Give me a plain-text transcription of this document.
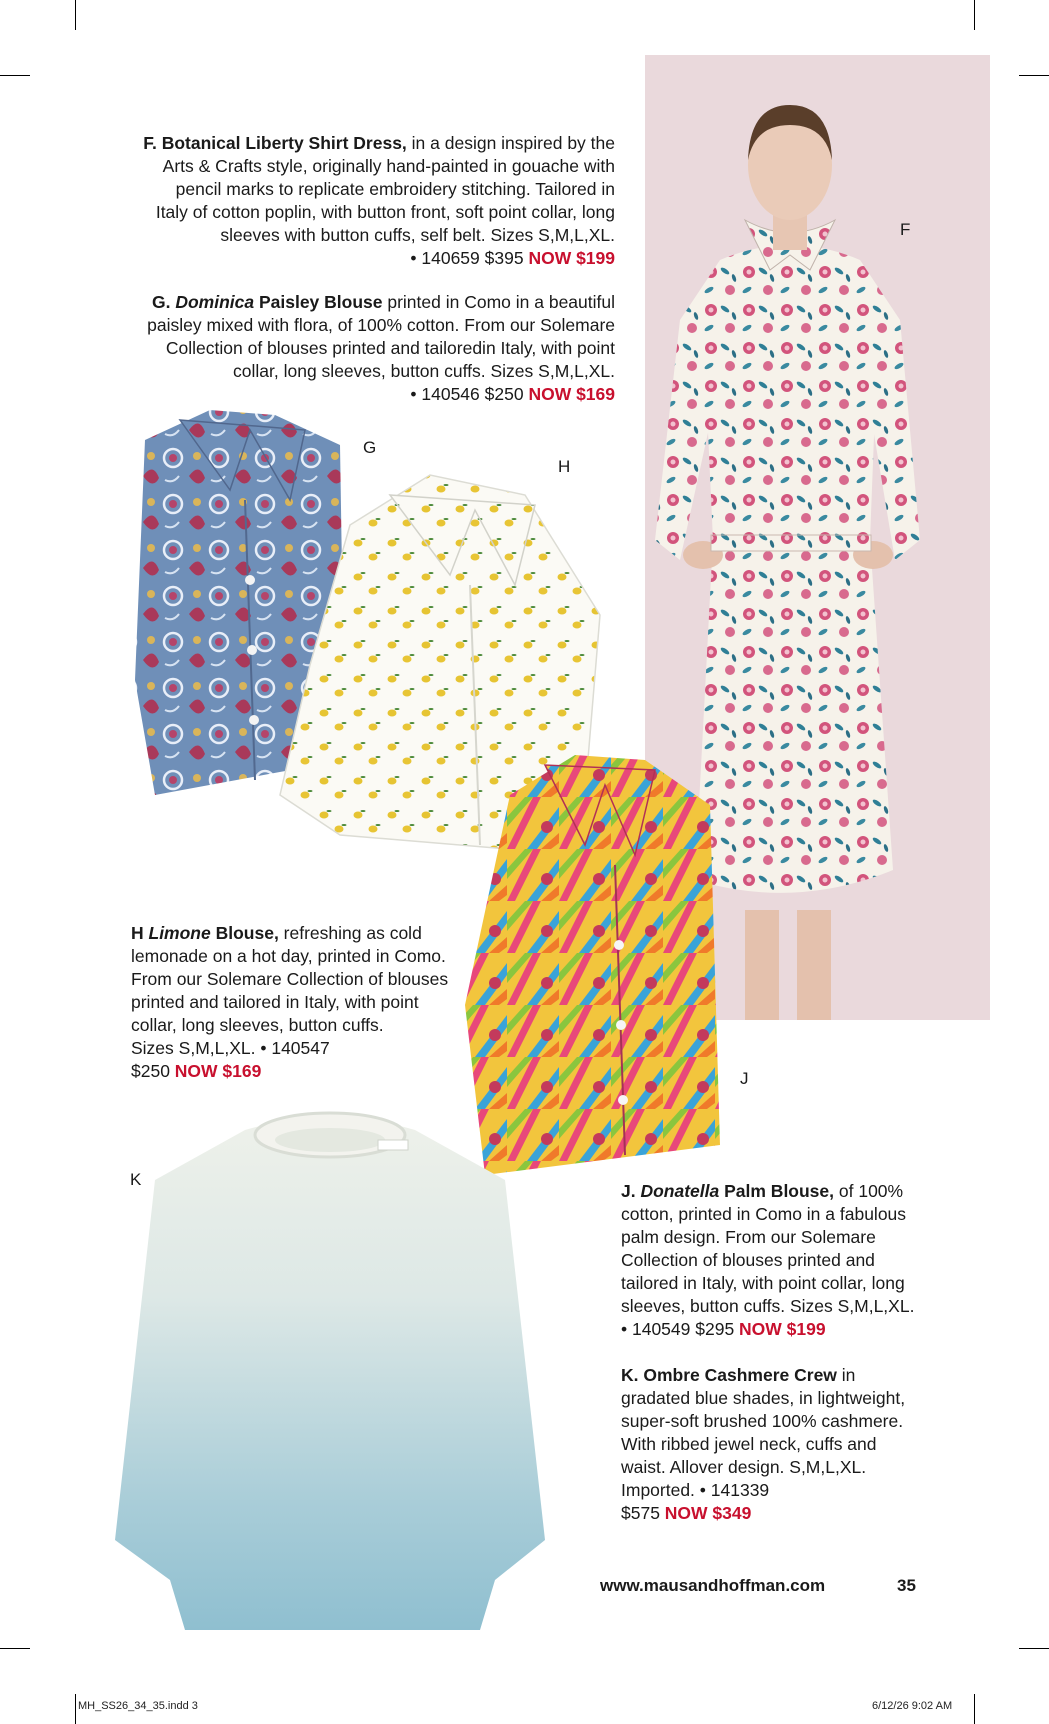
F
G
H
J
K
F. Botanical Liberty Shirt Dress, in a design inspired by the
Arts & Crafts style, originally hand-painted in gouache with
pencil marks to replicate embroidery stitching. Tailored in
Italy of cotton poplin, with button front, soft point collar, long
sleeves with button cuffs, self belt. Sizes S,M,L,XL.
• 140659 $395 NOW $199
G. Dominica Paisley Blouse printed in Como in a beautiful
paisley mixed with flora, of 100% cotton. From our Solemare
Collection of blouses printed and tailoredin Italy, with point
collar, long sleeves, button cuffs. Sizes S,M,L,XL.
• 140546 $250 NOW $169
H Limone Blouse, refreshing as cold
lemonade on a hot day, printed in Como.
From our Solemare Collection of blouses
printed and tailored in Italy, with point
collar, long sleeves, button cuffs.
Sizes S,M,L,XL. • 140547
$250 NOW $169
J. Donatella Palm Blouse, of 100%
cotton, printed in Como in a fabulous
palm design. From our Solemare
Collection of blouses printed and
tailored in Italy, with point collar, long
sleeves, button cuffs. Sizes S,M,L,XL.
• 140549 $295 NOW $199
K. Ombre Cashmere Crew in
gradated blue shades, in lightweight,
super-soft brushed 100% cashmere.
With ribbed jewel neck, cuffs and
waist. Allover design. S,M,L,XL.
Imported. • 141339
$575 NOW $349
www.mausandhoffman.com	35
MH_SS26_34_35.indd 3	6/12/26 9:02 AM
